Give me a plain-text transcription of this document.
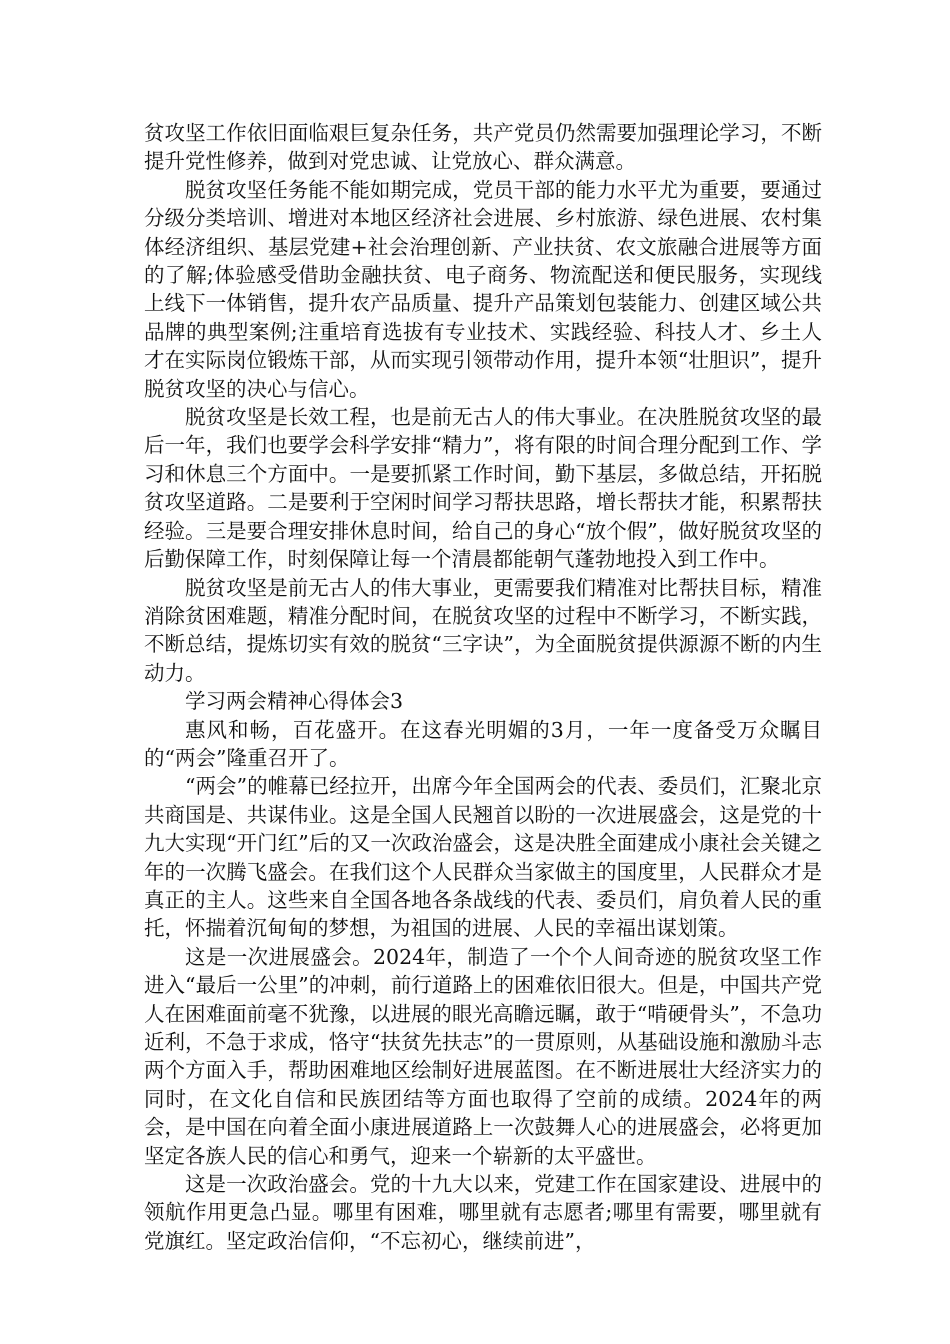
贫攻坚工作依旧面临艰巨复杂任务，共产党员仍然需要加强理论学习，不断提升党性修养，做到对党忠诚、让党放心、群众满意。

脱贫攻坚任务能不能如期完成，党员干部的能力水平尤为重要，要通过分级分类培训、增进对本地区经济社会进展、乡村旅游、绿色进展、农村集体经济组织、基层党建+社会治理创新、产业扶贫、农文旅融合进展等方面的了解;体验感受借助金融扶贫、电子商务、物流配送和便民服务，实现线上线下一体销售，提升农产品质量、提升产品策划包装能力、创建区域公共品牌的典型案例;注重培育选拔有专业技术、实践经验、科技人才、乡土人才在实际岗位锻炼干部，从而实现引领带动作用，提升本领“壮胆识”，提升脱贫攻坚的决心与信心。

脱贫攻坚是长效工程，也是前无古人的伟大事业。在决胜脱贫攻坚的最后一年，我们也要学会科学安排“精力”，将有限的时间合理分配到工作、学习和休息三个方面中。一是要抓紧工作时间，勤下基层，多做总结，开拓脱贫攻坚道路。二是要利于空闲时间学习帮扶思路，增长帮扶才能，积累帮扶经验。三是要合理安排休息时间，给自己的身心“放个假”，做好脱贫攻坚的后勤保障工作，时刻保障让每一个清晨都能朝气蓬勃地投入到工作中。

脱贫攻坚是前无古人的伟大事业，更需要我们精准对比帮扶目标，精准消除贫困难题，精准分配时间，在脱贫攻坚的过程中不断学习，不断实践，不断总结，提炼切实有效的脱贫“三字诀”，为全面脱贫提供源源不断的内生动力。

学习两会精神心得体会3

惠风和畅，百花盛开。在这春光明媚的3月，一年一度备受万众瞩目的“两会”隆重召开了。

“两会”的帷幕已经拉开，出席今年全国两会的代表、委员们，汇聚北京共商国是、共谋伟业。这是全国人民翘首以盼的一次进展盛会，这是党的十九大实现“开门红”后的又一次政治盛会，这是决胜全面建成小康社会关键之年的一次腾飞盛会。在我们这个人民群众当家做主的国度里，人民群众才是真正的主人。这些来自全国各地各条战线的代表、委员们，肩负着人民的重托，怀揣着沉甸甸的梦想，为祖国的进展、人民的幸福出谋划策。

这是一次进展盛会。2024年，制造了一个个人间奇迹的脱贫攻坚工作进入“最后一公里”的冲刺，前行道路上的困难依旧很大。但是，中国共产党人在困难面前毫不犹豫，以进展的眼光高瞻远瞩，敢于“啃硬骨头”，不急功近利，不急于求成，恪守“扶贫先扶志”的一贯原则，从基础设施和激励斗志两个方面入手，帮助困难地区绘制好进展蓝图。在不断进展壮大经济实力的同时，在文化自信和民族团结等方面也取得了空前的成绩。2024年的两会，是中国在向着全面小康进展道路上一次鼓舞人心的进展盛会，必将更加坚定各族人民的信心和勇气，迎来一个崭新的太平盛世。

这是一次政治盛会。党的十九大以来，党建工作在国家建设、进展中的领航作用更急凸显。哪里有困难，哪里就有志愿者;哪里有需要，哪里就有党旗红。坚定政治信仰，“不忘初心，继续前进”，
